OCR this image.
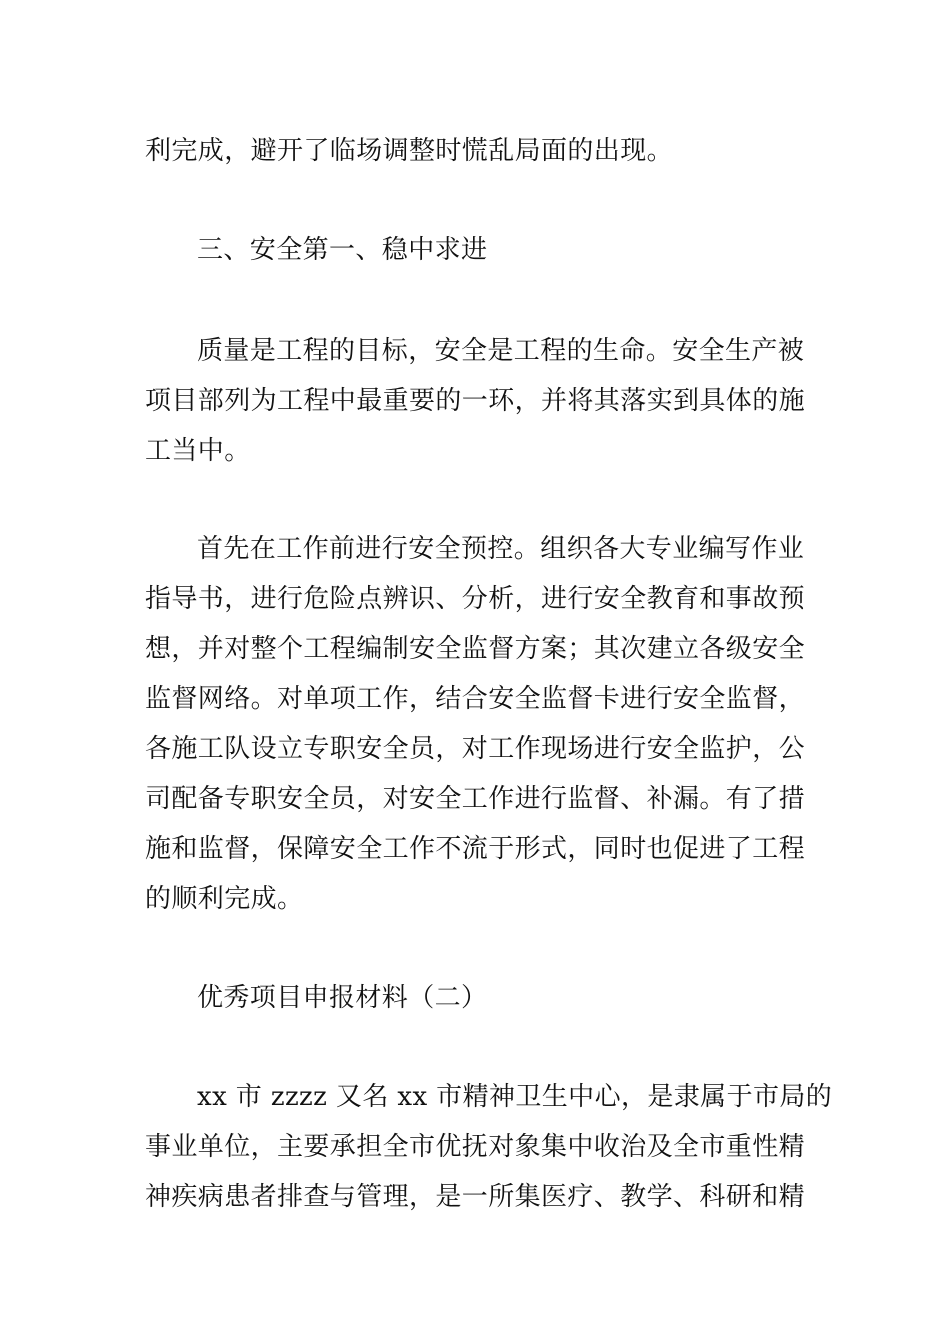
利完成，避开了临场调整时慌乱局面的出现。
三、安全第一、稳中求进
质量是工程的目标，安全是工程的生命。安全生产被
项目部列为工程中最重要的一环，并将其落实到具体的施
工当中。
首先在工作前进行安全预控。组织各大专业编写作业
指导书，进行危险点辨识、分析，进行安全教育和事故预
想，并对整个工程编制安全监督方案；其次建立各级安全
监督网络。对单项工作，结合安全监督卡进行安全监督，
各施工队设立专职安全员，对工作现场进行安全监护，公
司配备专职安全员，对安全工作进行监督、补漏。有了措
施和监督，保障安全工作不流于形式，同时也促进了工程
的顺利完成。
优秀项目申报材料（二）
xx 市 zzzz 又名 xx 市精神卫生中心，是隶属于市局的
事业单位，主要承担全市优抚对象集中收治及全市重性精
神疾病患者排查与管理，是一所集医疗、教学、科研和精
